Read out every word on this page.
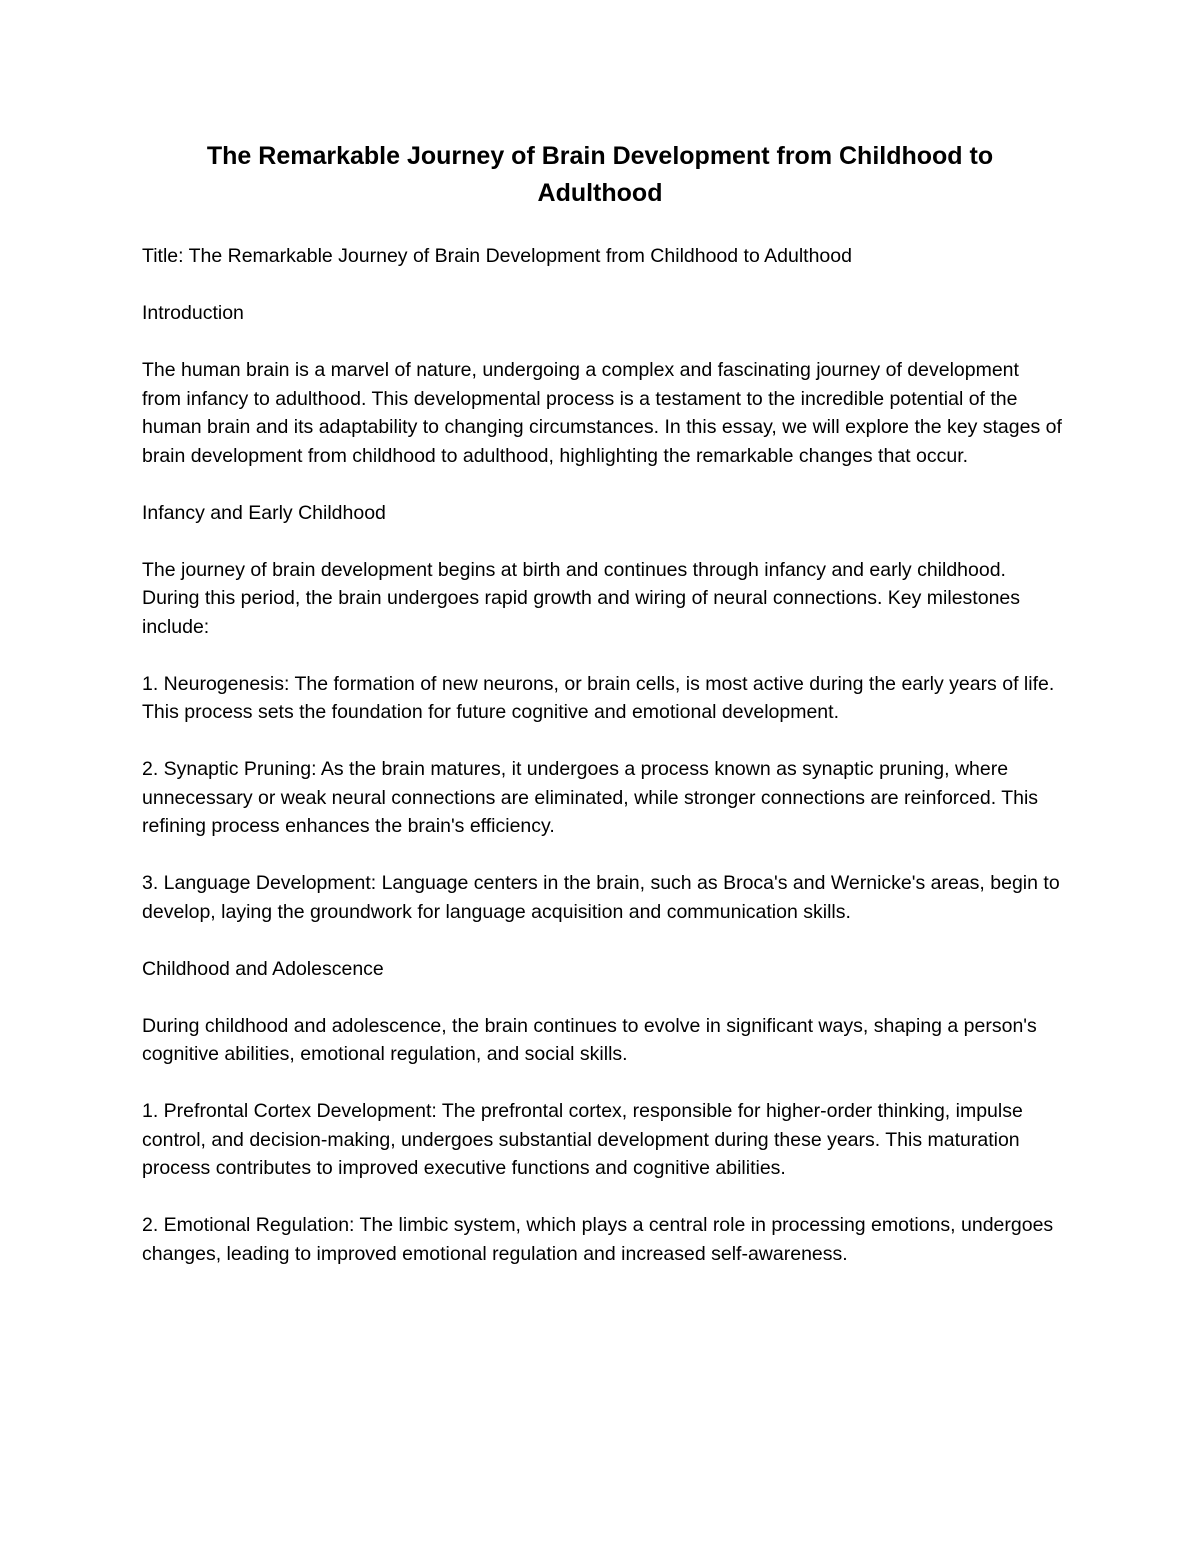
The Remarkable Journey of Brain Development from Childhood to Adulthood

Title: The Remarkable Journey of Brain Development from Childhood to Adulthood

Introduction

The human brain is a marvel of nature, undergoing a complex and fascinating journey of development from infancy to adulthood. This developmental process is a testament to the incredible potential of the human brain and its adaptability to changing circumstances. In this essay, we will explore the key stages of brain development from childhood to adulthood, highlighting the remarkable changes that occur.

Infancy and Early Childhood

The journey of brain development begins at birth and continues through infancy and early childhood. During this period, the brain undergoes rapid growth and wiring of neural connections. Key milestones include:

1. Neurogenesis: The formation of new neurons, or brain cells, is most active during the early years of life. This process sets the foundation for future cognitive and emotional development.

2. Synaptic Pruning: As the brain matures, it undergoes a process known as synaptic pruning, where unnecessary or weak neural connections are eliminated, while stronger connections are reinforced. This refining process enhances the brain's efficiency.

3. Language Development: Language centers in the brain, such as Broca's and Wernicke's areas, begin to develop, laying the groundwork for language acquisition and communication skills.

Childhood and Adolescence

During childhood and adolescence, the brain continues to evolve in significant ways, shaping a person's cognitive abilities, emotional regulation, and social skills.

1. Prefrontal Cortex Development: The prefrontal cortex, responsible for higher-order thinking, impulse control, and decision-making, undergoes substantial development during these years. This maturation process contributes to improved executive functions and cognitive abilities.

2. Emotional Regulation: The limbic system, which plays a central role in processing emotions, undergoes changes, leading to improved emotional regulation and increased self-awareness.
